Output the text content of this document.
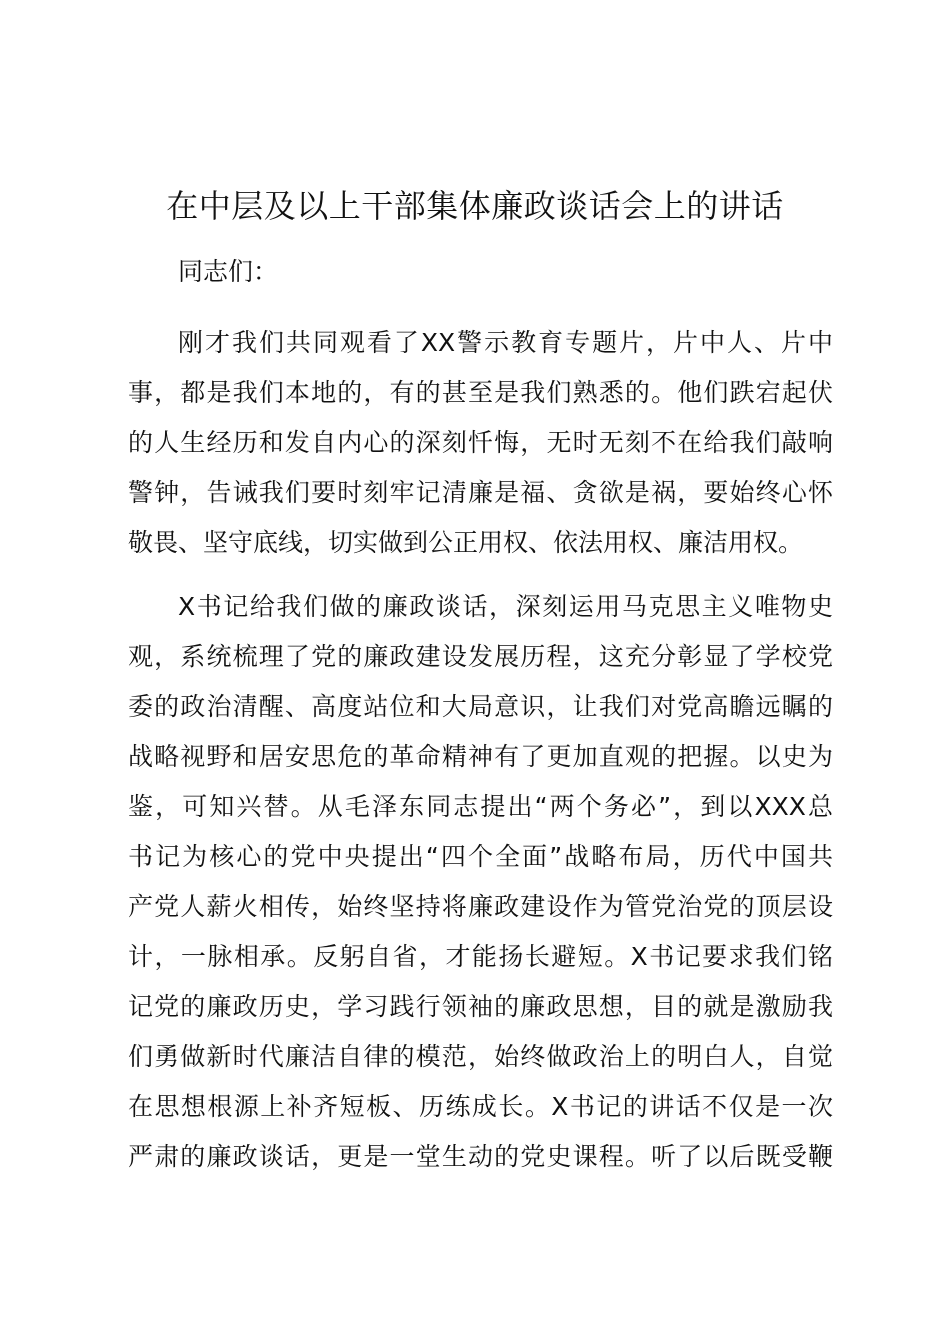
在中层及以上干部集体廉政谈话会上的讲话
同志们：
刚才我们共同观看了XX警示教育专题片，片中人、片中
事，都是我们本地的，有的甚至是我们熟悉的。他们跌宕起伏
的人生经历和发自内心的深刻忏悔，无时无刻不在给我们敲响
警钟，告诫我们要时刻牢记清廉是福、贪欲是祸，要始终心怀
敬畏、坚守底线，切实做到公正用权、依法用权、廉洁用权。
X书记给我们做的廉政谈话，深刻运用马克思主义唯物史
观，系统梳理了党的廉政建设发展历程，这充分彰显了学校党
委的政治清醒、高度站位和大局意识，让我们对党高瞻远瞩的
战略视野和居安思危的革命精神有了更加直观的把握。以史为
鉴，可知兴替。从毛泽东同志提出“两个务必”，到以XXX总
书记为核心的党中央提出“四个全面”战略布局，历代中国共
产党人薪火相传，始终坚持将廉政建设作为管党治党的顶层设
计，一脉相承。反躬自省，才能扬长避短。X书记要求我们铭
记党的廉政历史，学习践行领袖的廉政思想，目的就是激励我
们勇做新时代廉洁自律的模范，始终做政治上的明白人，自觉
在思想根源上补齐短板、历练成长。X书记的讲话不仅是一次
严肃的廉政谈话，更是一堂生动的党史课程。听了以后既受鞭
